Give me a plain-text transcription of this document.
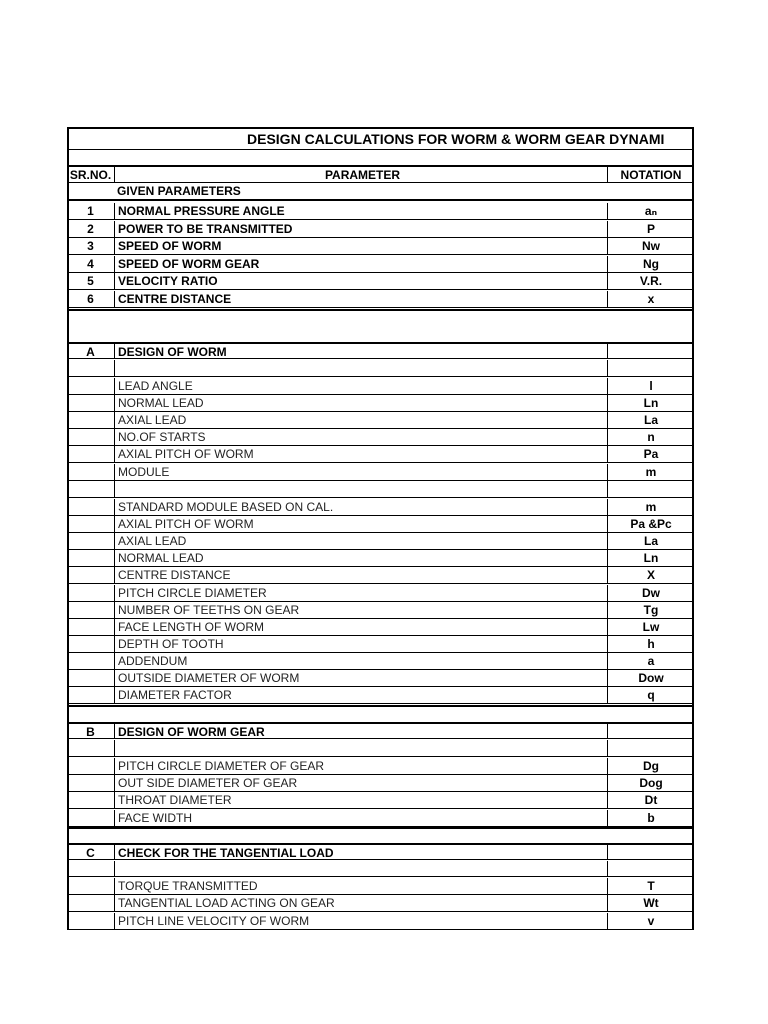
DESIGN CALCULATIONS FOR WORM & WORM GEAR DYNAMI
SR.NO.	PARAMETER	NOTATION
GIVEN PARAMETERS
1	NORMAL PRESSURE ANGLE	aₙ
2	POWER TO BE TRANSMITTED	P
3	SPEED OF WORM	Nw
4	SPEED OF WORM GEAR	Ng
5	VELOCITY RATIO	V.R.
6	CENTRE DISTANCE	x
A	DESIGN OF WORM
LEAD ANGLE	l
NORMAL LEAD	Ln
AXIAL LEAD	La
NO.OF STARTS	n
AXIAL PITCH OF WORM	Pa
MODULE	m
STANDARD MODULE BASED ON CAL.	m
AXIAL PITCH OF WORM	Pa &Pc
AXIAL LEAD	La
NORMAL LEAD	Ln
CENTRE DISTANCE	X
PITCH CIRCLE DIAMETER	Dw
NUMBER OF TEETHS ON GEAR	Tg
FACE LENGTH OF WORM	Lw
DEPTH OF TOOTH	h
ADDENDUM	a
OUTSIDE DIAMETER OF WORM	Dow
DIAMETER FACTOR	q
B	DESIGN OF WORM GEAR
PITCH CIRCLE DIAMETER OF GEAR	Dg
OUT SIDE DIAMETER OF GEAR	Dog
THROAT DIAMETER	Dt
FACE WIDTH	b
C	CHECK FOR THE TANGENTIAL LOAD
TORQUE TRANSMITTED	T
TANGENTIAL LOAD ACTING ON GEAR	Wt
PITCH LINE VELOCITY OF WORM	v
